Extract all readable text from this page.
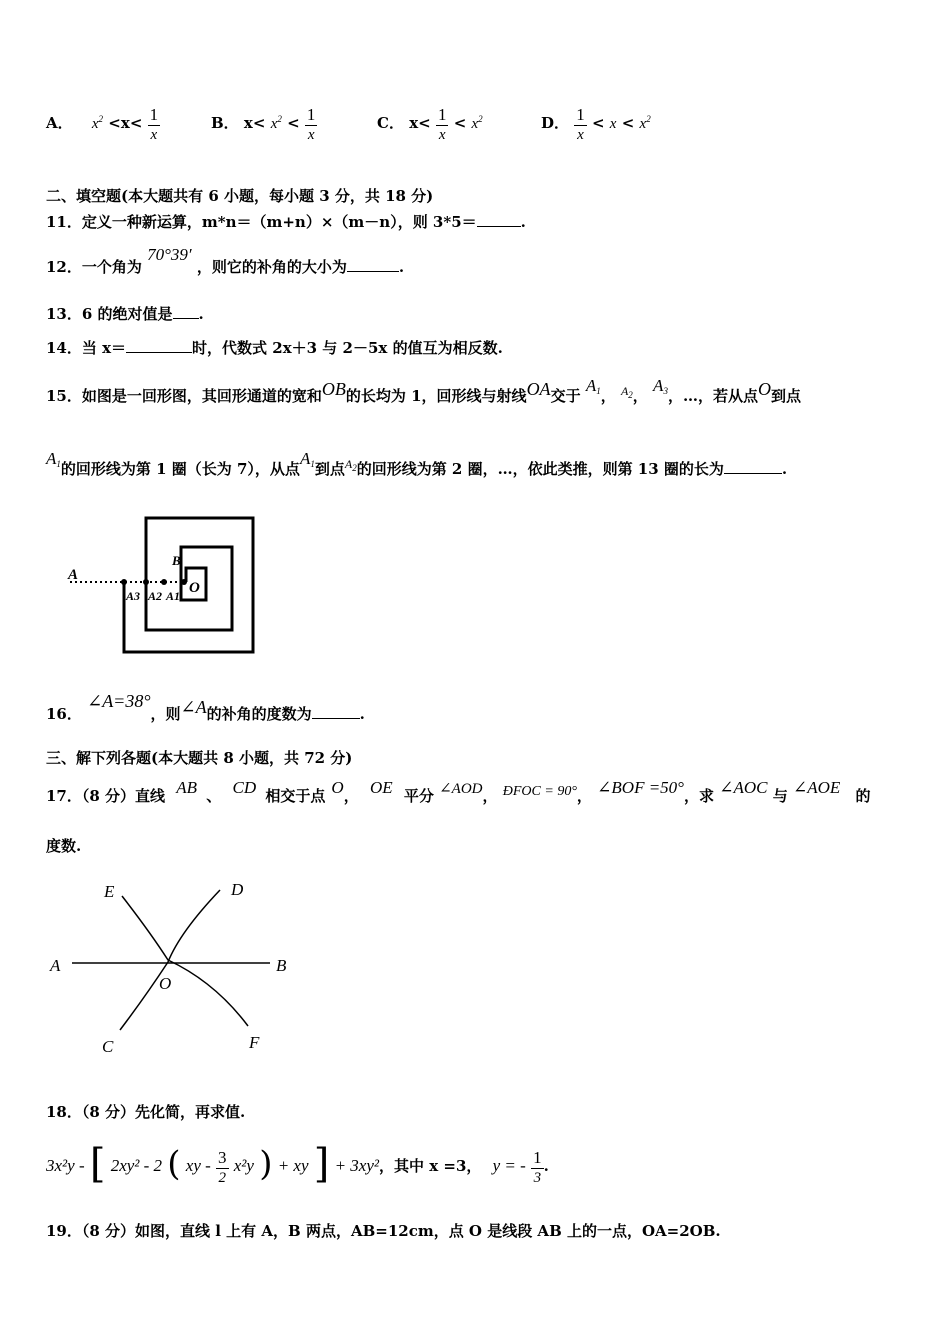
A． $x^2 <x< \frac{1}{x}$	B． $x< x^2 < \frac{1}{x}$	C． $x< \frac{1}{x} < x^2$	D． $\frac{1}{x} < x < x^2$
二、填空题(本大题共有 6 小题，每小题 3 分，共 18 分)
11．定义一种新运算，m*n＝（m+n）×（m－n），则 3*5＝	.
12．一个角为 70°39′ ，则它的补角的大小为	.
13．6 的绝对值是 .
14．当 x＝	时，代数式 2x＋3 与 2－5x 的值互为相反数.
15．如图是一回形图，其回形通道的宽和OB的长均为 1，回形线与射线OA交于 $A_1$， $^{A_2}$， $A_3$，…，若从点O到点
$A_1$的回形线为第 1 圈（长为 7），从点$A_1$到点$^{A_2}$的回形线为第 2 圈，…，依此类推，则第 13 圈的长为	.
A
A3 A2 A1
B
O
16． ∠A=38°，则∠A的补角的度数为	.
三、解下列各题(本大题共 8 小题，共 72 分)
17．（8 分）直线 AB 、 CD 相交于点 O， OE 平分 ∠AOD， ÐFOC = 90°， ∠BOF =50°，求 ∠AOC 与 ∠AOE 的
度数.
E	D
A	B
O
C	F
18．（8 分）先化简，再求值.
3x²y - [ 2xy² - 2 ( xy - $\frac{3}{2} x^2y$ ) + xy ] + 3xy²，其中 x =3， y = - $\frac{1}{3}$ .
19．（8 分）如图，直线 l 上有 A，B 两点，AB=12cm，点 O 是线段 AB 上的一点，OA=2OB.
